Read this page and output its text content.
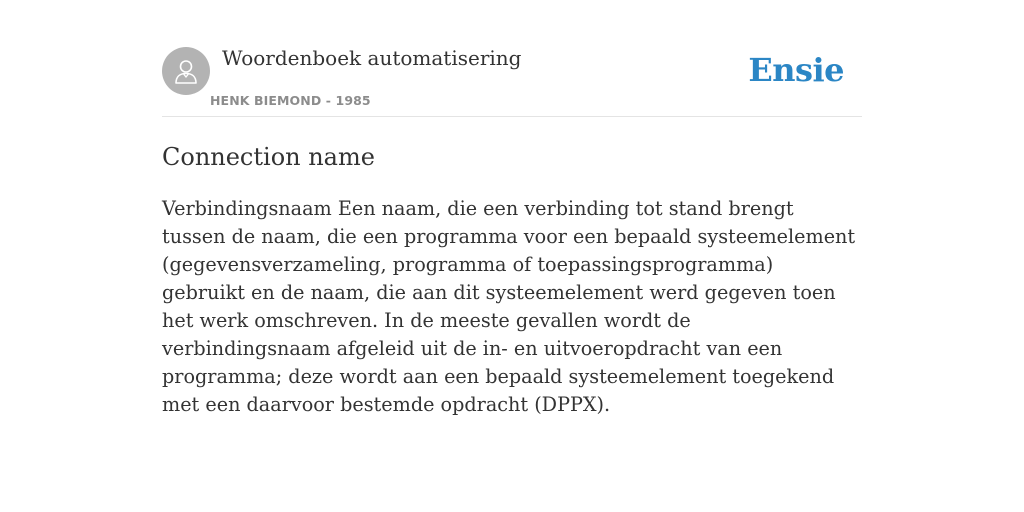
Woordenboek automatisering
HENK BIEMOND - 1985
Ensie
Connection name

Verbindingsnaam Een naam, die een verbinding tot stand brengt tussen de naam, die een programma voor een bepaald systeemelement (gegevensverzameling, programma of toepassingsprogramma) gebruikt en de naam, die aan dit systeemelement werd gegeven toen het werk omschreven. In de meeste gevallen wordt de verbindingsnaam afgeleid uit de in- en uitvoeropdracht van een programma; deze wordt aan een bepaald systeemelement toegekend met een daarvoor bestemde opdracht (DPPX).
